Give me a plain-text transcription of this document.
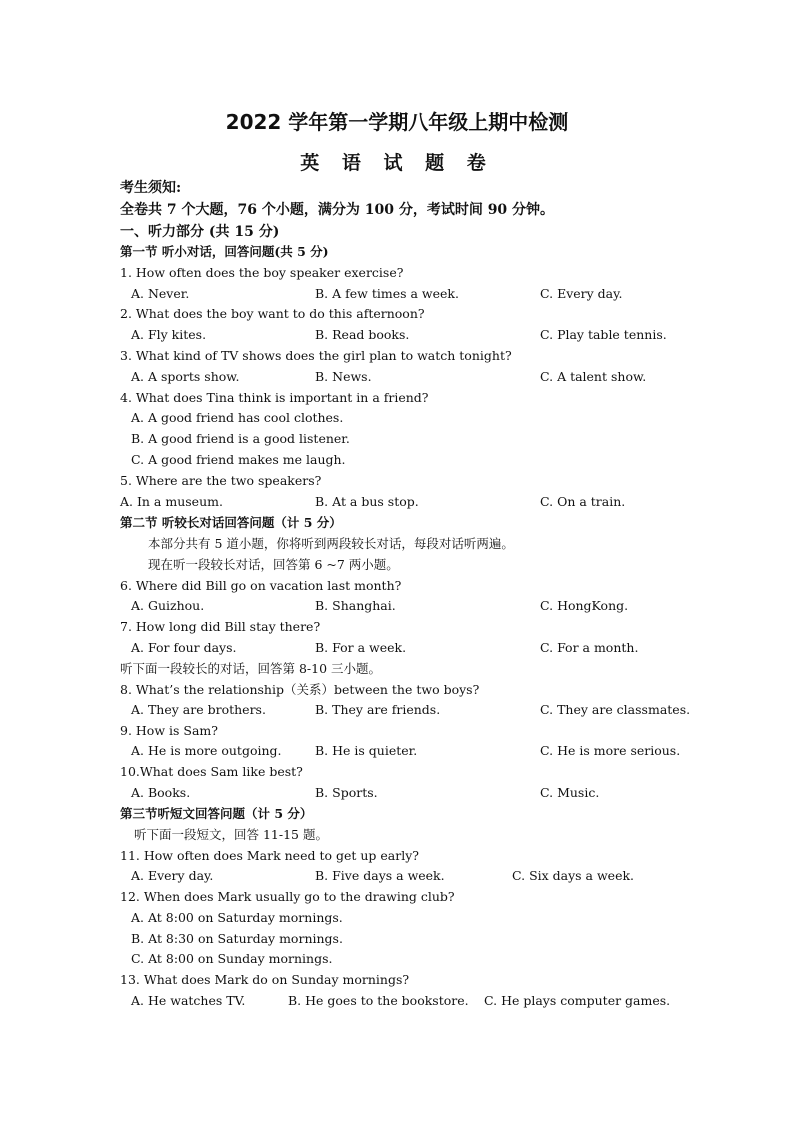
2022 学年第一学期八年级上期中检测
英 语 试 题 卷
考生须知:
全卷共 7 个大题，76 个小题，满分为 100 分，考试时间 90 分钟。
一、听力部分 (共 15 分)
第一节 听小对话，回答问题(共 5 分)
1. How often does the boy speaker exercise?
A. Never.	B. A few times a week.	C. Every day.
2. What does the boy want to do this afternoon?
A. Fly kites.	B. Read books.	C. Play table tennis.
3. What kind of TV shows does the girl plan to watch tonight?
A. A sports show.	B. News.	C. A talent show.
4. What does Tina think is important in a friend?
A. A good friend has cool clothes.
B. A good friend is a good listener.
C. A good friend makes me laugh.
5. Where are the two speakers?
A. In a museum.	B. At a bus stop.	C. On a train.
第二节 听较长对话回答问题（计 5 分）
本部分共有 5 道小题，你将听到两段较长对话，每段对话听两遍。
现在听一段较长对话，回答第 6 ~7 两小题。
6. Where did Bill go on vacation last month?
A. Guizhou.	B. Shanghai.	C. HongKong.
7. How long did Bill stay there?
A. For four days.	B. For a week.	C. For a month.
听下面一段较长的对话，回答第 8-10 三小题。
8. What’s the relationship（关系）between the two boys?
A. They are brothers.	B. They are friends.	C. They are classmates.
9. How is Sam?
A. He is more outgoing.	B. He is quieter.	C. He is more serious.
10.What does Sam like best?
A. Books.	B. Sports.	C. Music.
第三节听短文回答问题（计 5 分）
听下面一段短文，回答 11-15 题。
11. How often does Mark need to get up early?
A. Every day.	B. Five days a week.	C. Six days a week.
12. When does Mark usually go to the drawing club?
A. At 8:00 on Saturday mornings.
B. At 8:30 on Saturday mornings.
C. At 8:00 on Sunday mornings.
13. What does Mark do on Sunday mornings?
A. He watches TV.	B. He goes to the bookstore. C. He plays computer games.
